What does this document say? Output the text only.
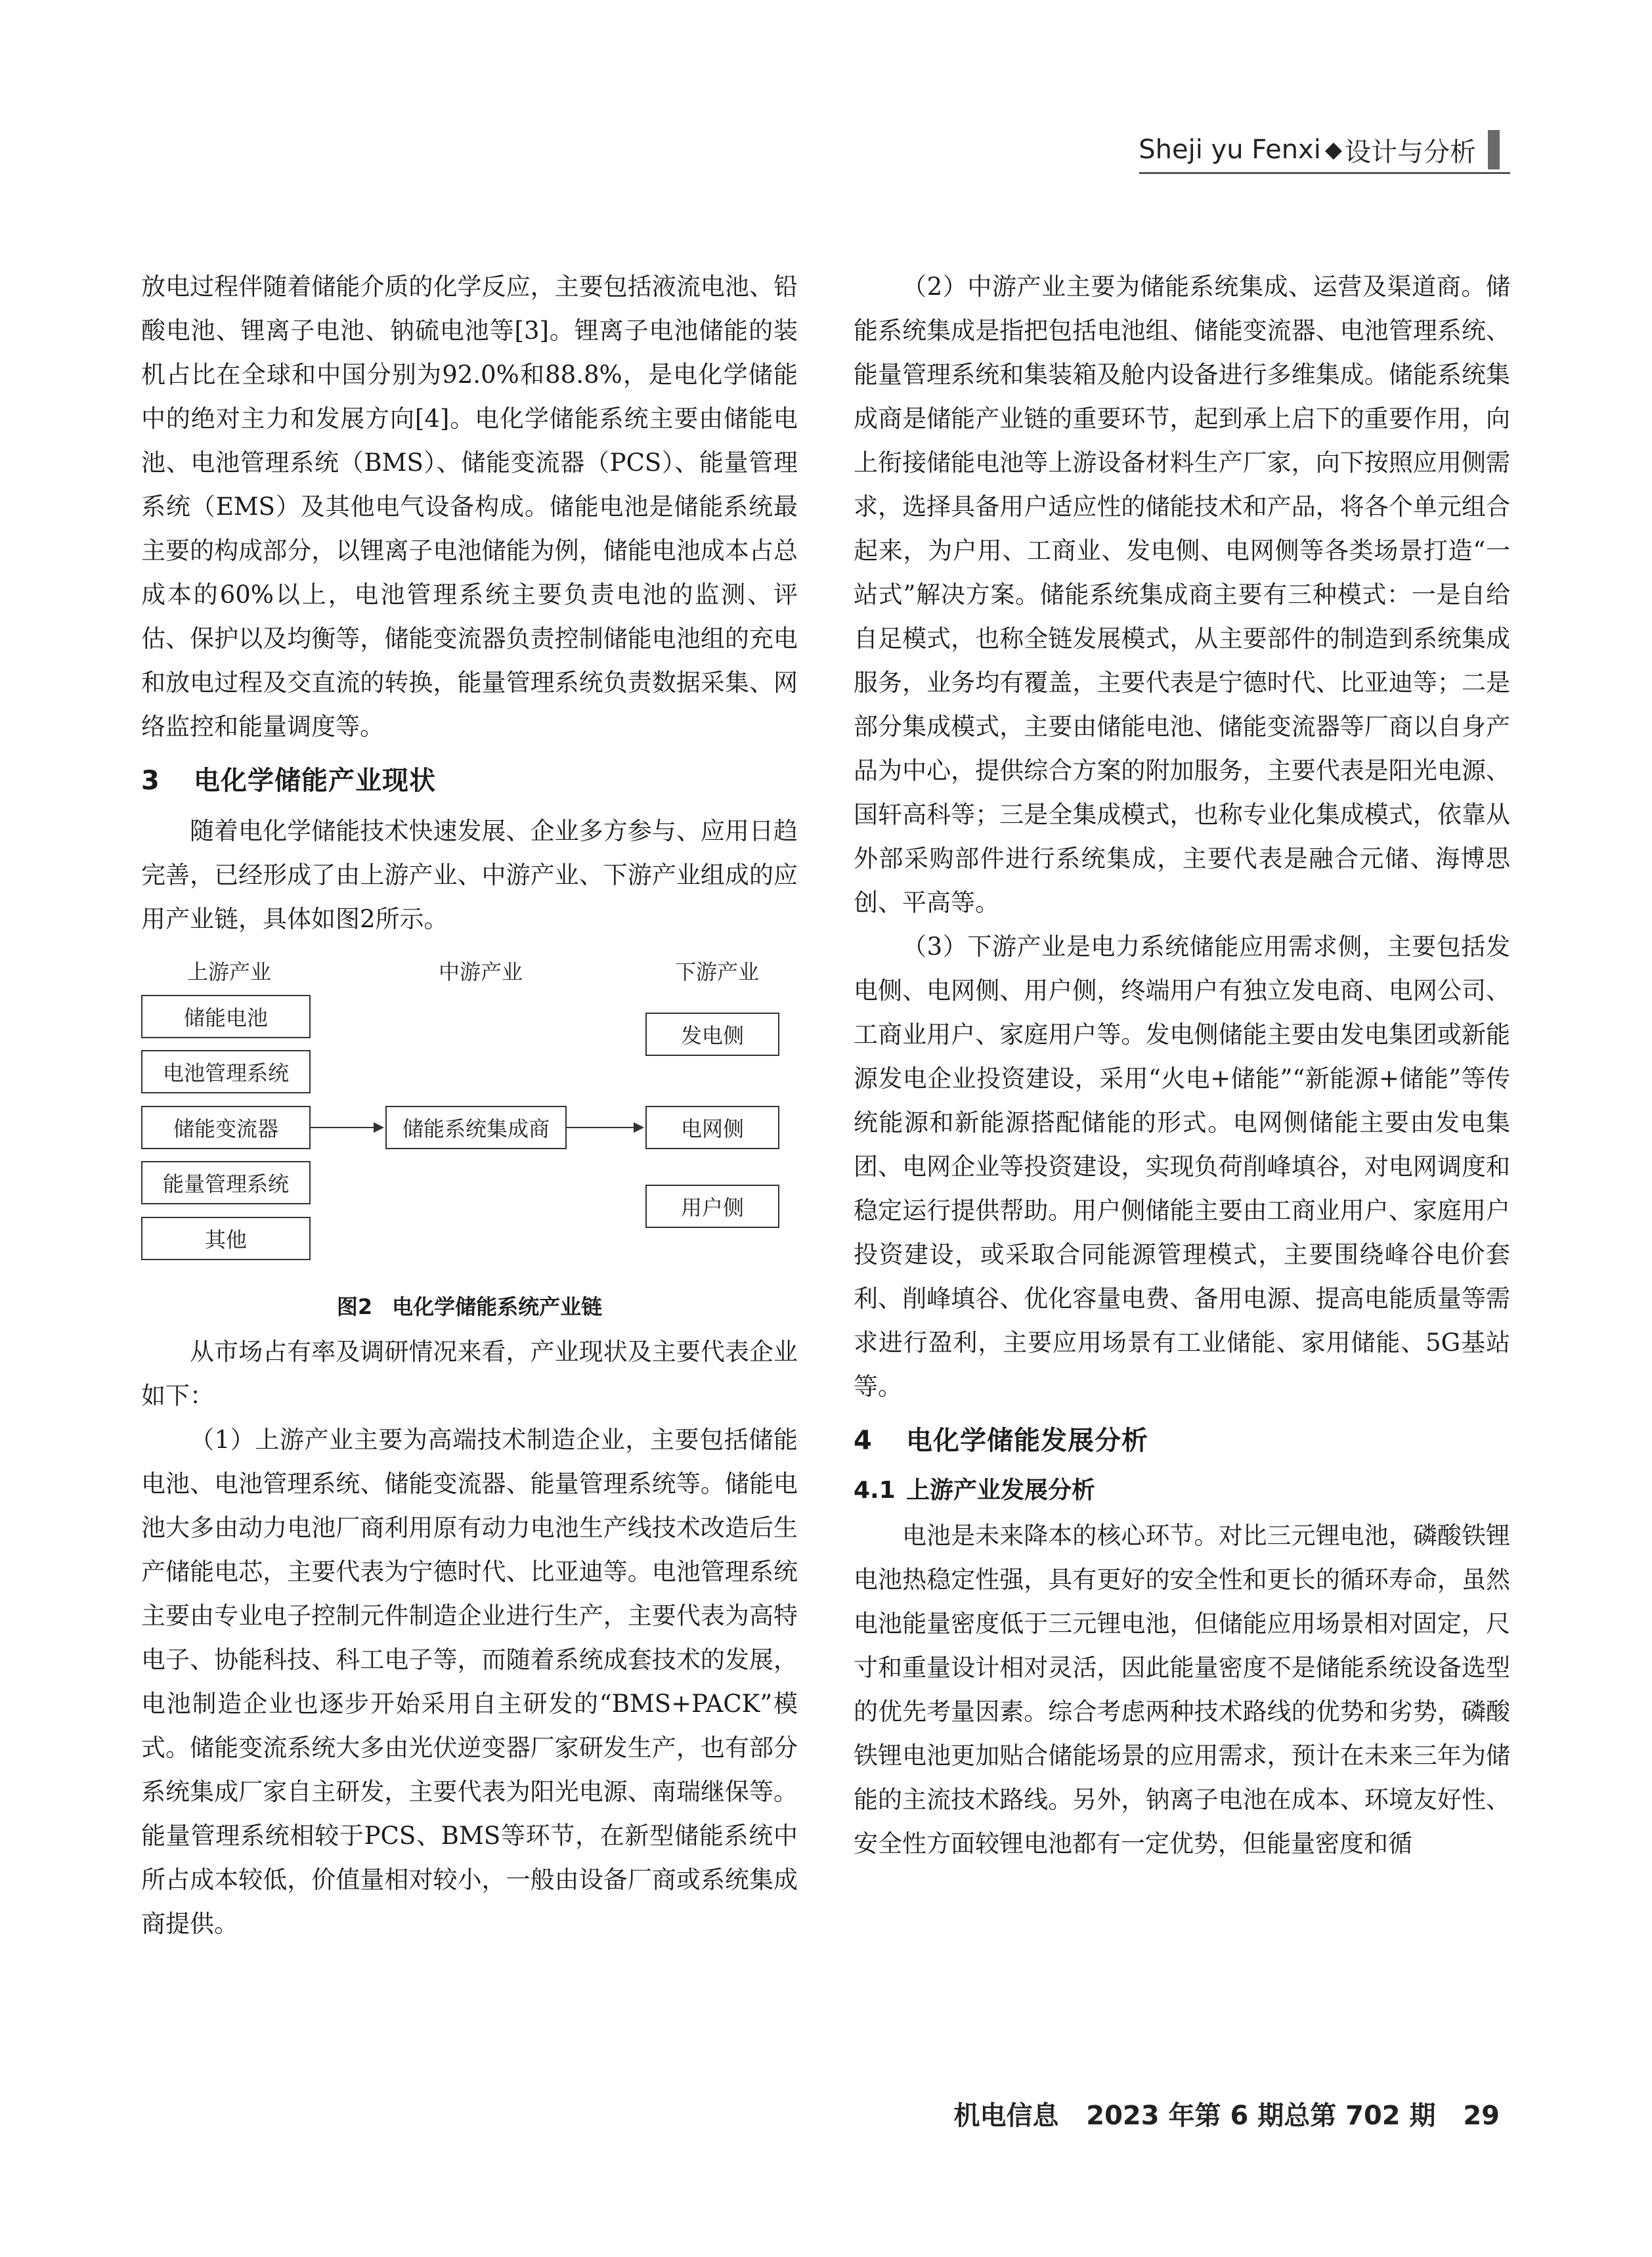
Sheji yu Fenxi ◆ 设计与分析

放电过程伴随着储能介质的化学反应，主要包括液流电池、铅酸电池、锂离子电池、钠硫电池等[3]。锂离子电池储能的装机占比在全球和中国分别为92.0%和88.8%，是电化学储能中的绝对主力和发展方向[4]。电化学储能系统主要由储能电池、电池管理系统（BMS）、储能变流器（PCS）、能量管理系统（EMS）及其他电气设备构成。储能电池是储能系统最主要的构成部分，以锂离子电池储能为例，储能电池成本占总成本的60%以上，电池管理系统主要负责电池的监测、评估、保护以及均衡等，储能变流器负责控制储能电池组的充电和放电过程及交直流的转换，能量管理系统负责数据采集、网络监控和能量调度等。

3 电化学储能产业现状

随着电化学储能技术快速发展、企业多方参与、应用日趋完善，已经形成了由上游产业、中游产业、下游产业组成的应用产业链，具体如图2所示。

上游产业	中游产业	下游产业
储能电池
电池管理系统
储能变流器
能量管理系统
其他
储能系统集成商
发电侧
电网侧
用户侧
图2 电化学储能系统产业链

从市场占有率及调研情况来看，产业现状及主要代表企业如下：

（1）上游产业主要为高端技术制造企业，主要包括储能电池、电池管理系统、储能变流器、能量管理系统等。储能电池大多由动力电池厂商利用原有动力电池生产线技术改造后生产储能电芯，主要代表为宁德时代、比亚迪等。电池管理系统主要由专业电子控制元件制造企业进行生产，主要代表为高特电子、协能科技、科工电子等，而随着系统成套技术的发展，电池制造企业也逐步开始采用自主研发的“BMS+PACK”模式。储能变流系统大多由光伏逆变器厂家研发生产，也有部分系统集成厂家自主研发，主要代表为阳光电源、南瑞继保等。能量管理系统相较于PCS、BMS等环节，在新型储能系统中所占成本较低，价值量相对较小，一般由设备厂商或系统集成商提供。

（2）中游产业主要为储能系统集成、运营及渠道商。储能系统集成是指把包括电池组、储能变流器、电池管理系统、能量管理系统和集装箱及舱内设备进行多维集成。储能系统集成商是储能产业链的重要环节，起到承上启下的重要作用，向上衔接储能电池等上游设备材料生产厂家，向下按照应用侧需求，选择具备用户适应性的储能技术和产品，将各个单元组合起来，为户用、工商业、发电侧、电网侧等各类场景打造“一站式”解决方案。储能系统集成商主要有三种模式：一是自给自足模式，也称全链发展模式，从主要部件的制造到系统集成服务，业务均有覆盖，主要代表是宁德时代、比亚迪等；二是部分集成模式，主要由储能电池、储能变流器等厂商以自身产品为中心，提供综合方案的附加服务，主要代表是阳光电源、国轩高科等；三是全集成模式，也称专业化集成模式，依靠从外部采购部件进行系统集成，主要代表是融合元储、海博思创、平高等。

（3）下游产业是电力系统储能应用需求侧，主要包括发电侧、电网侧、用户侧，终端用户有独立发电商、电网公司、工商业用户、家庭用户等。发电侧储能主要由发电集团或新能源发电企业投资建设，采用“火电+储能”“新能源+储能”等传统能源和新能源搭配储能的形式。电网侧储能主要由发电集团、电网企业等投资建设，实现负荷削峰填谷，对电网调度和稳定运行提供帮助。用户侧储能主要由工商业用户、家庭用户投资建设，或采取合同能源管理模式，主要围绕峰谷电价套利、削峰填谷、优化容量电费、备用电源、提高电能质量等需求进行盈利，主要应用场景有工业储能、家用储能、5G基站等。

4 电化学储能发展分析
4.1 上游产业发展分析

电池是未来降本的核心环节。对比三元锂电池，磷酸铁锂电池热稳定性强，具有更好的安全性和更长的循环寿命，虽然电池能量密度低于三元锂电池，但储能应用场景相对固定，尺寸和重量设计相对灵活，因此能量密度不是储能系统设备选型的优先考量因素。综合考虑两种技术路线的优势和劣势，磷酸铁锂电池更加贴合储能场景的应用需求，预计在未来三年为储能的主流技术路线。另外，钠离子电池在成本、环境友好性、安全性方面较锂电池都有一定优势，但能量密度和循

机电信息   2023 年第 6 期总第 702 期   29
